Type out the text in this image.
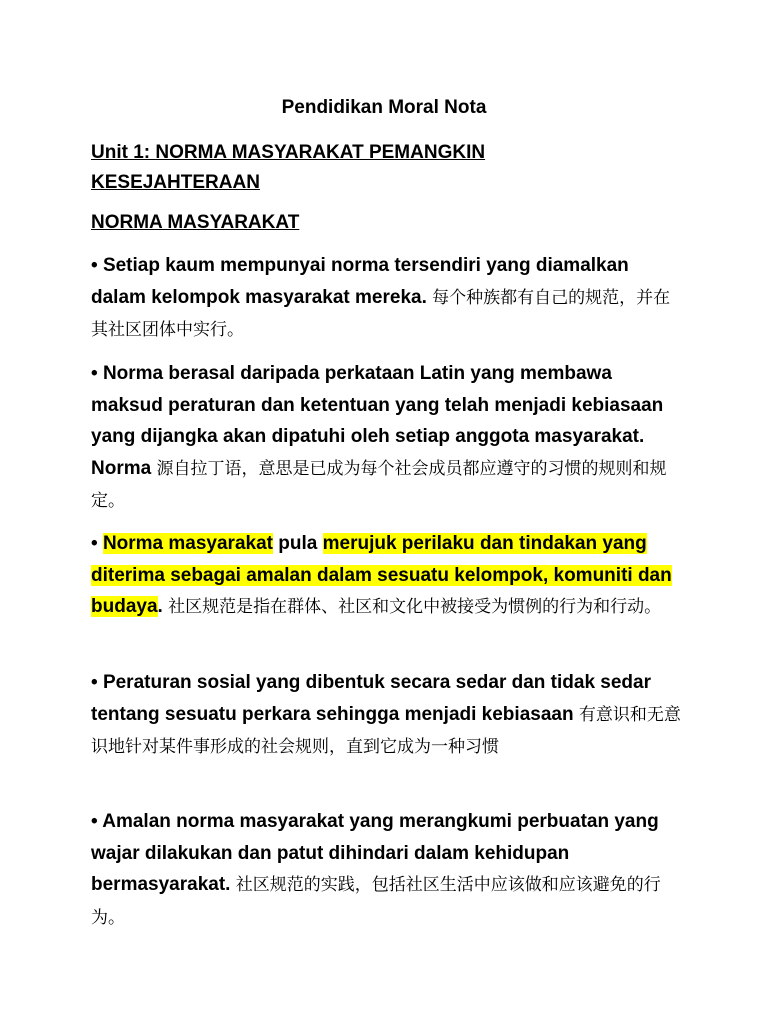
Pendidikan Moral Nota
Unit 1: NORMA MASYARAKAT PEMANGKIN
KESEJAHTERAAN
NORMA MASYARAKAT

• Setiap kaum mempunyai norma tersendiri yang diamalkan dalam kelompok masyarakat mereka. 每个种族都有自己的规范，并在其社区团体中实行。

• Norma berasal daripada perkataan Latin yang membawa maksud peraturan dan ketentuan yang telah menjadi kebiasaan yang dijangka akan dipatuhi oleh setiap anggota masyarakat. Norma 源自拉丁语，意思是已成为每个社会成员都应遵守的习惯的规则和规定。

• Norma masyarakat pula merujuk perilaku dan tindakan yang diterima sebagai amalan dalam sesuatu kelompok, komuniti dan budaya. 社区规范是指在群体、社区和文化中被接受为惯例的行为和行动。

• Peraturan sosial yang dibentuk secara sedar dan tidak sedar tentang sesuatu perkara sehingga menjadi kebiasaan 有意识和无意识地针对某件事形成的社会规则，直到它成为一种习惯

• Amalan norma masyarakat yang merangkumi perbuatan yang wajar dilakukan dan patut dihindari dalam kehidupan bermasyarakat. 社区规范的实践，包括社区生活中应该做和应该避免的行为。
